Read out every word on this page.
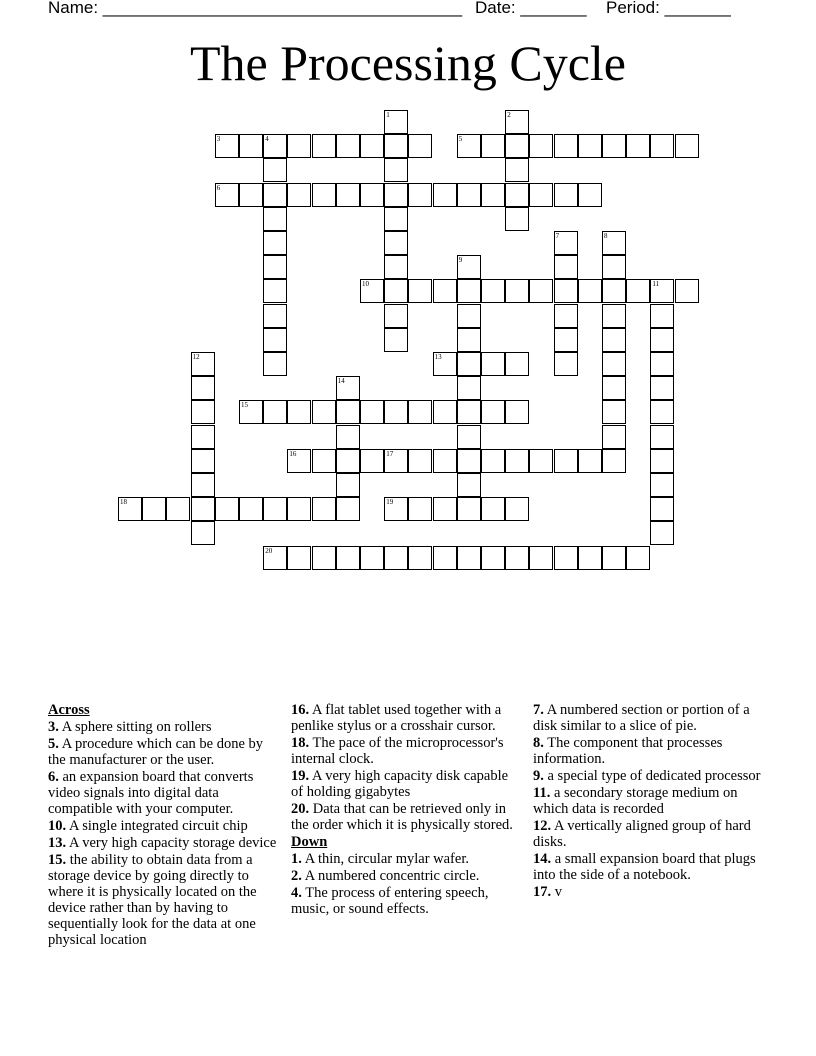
Name: ______________________________________ Date: _______ Period: _______
The Processing Cycle
1	2
3	4	5
6
7	8
9
10	11
12	13
14
15
16	17
18	19
20
Across
3. A sphere sitting on rollers
5. A procedure which can be done by the manufacturer or the user.
6. an expansion board that converts video signals into digital data compatible with your computer.
10. A single integrated circuit chip
13. A very high capacity storage device
15. the ability to obtain data from a storage device by going directly to where it is physically located on the device rather than by having to sequentially look for the data at one physical location
16. A flat tablet used together with a penlike stylus or a crosshair cursor.
18. The pace of the microprocessor's internal clock.
19. A very high capacity disk capable of holding gigabytes
20. Data that can be retrieved only in the order which it is physically stored.
Down
1. A thin, circular mylar wafer.
2. A numbered concentric circle.
4. The process of entering speech, music, or sound effects.
7. A numbered section or portion of a disk similar to a slice of pie.
8. The component that processes information.
9. a special type of dedicated processor
11. a secondary storage medium on which data is recorded
12. A vertically aligned group of hard disks.
14. a small expansion board that plugs into the side of a notebook.
17. v
